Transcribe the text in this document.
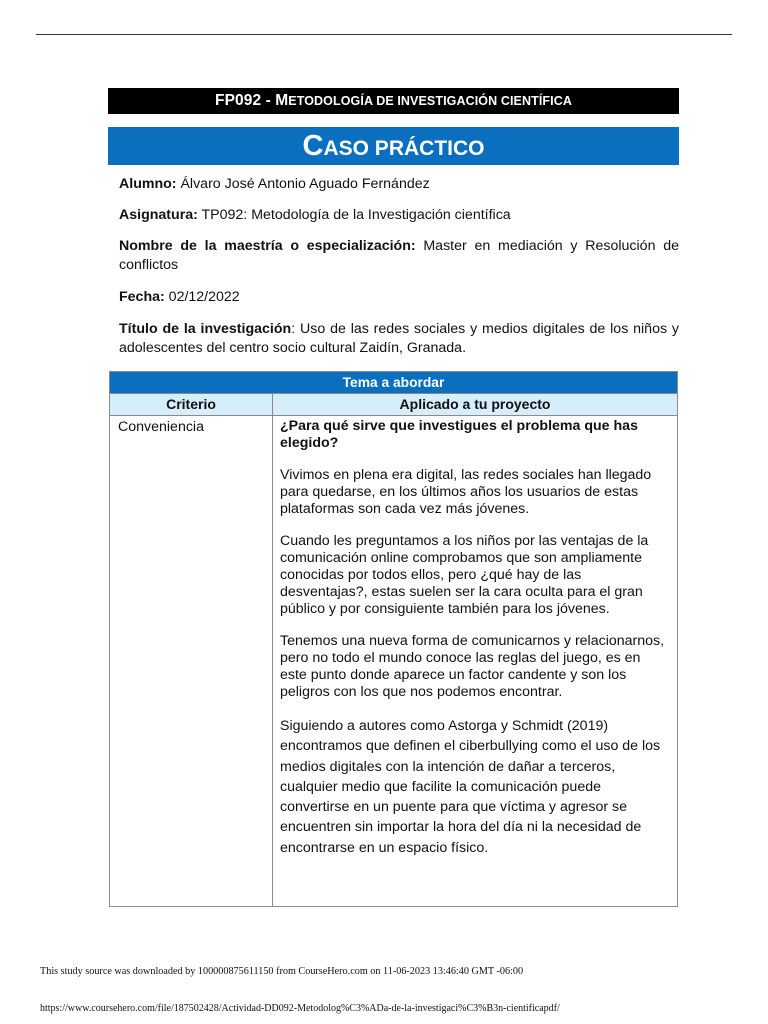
FP092 - METODOLOGÍA DE INVESTIGACIÓN CIENTÍFICA
CASO PRÁCTICO
Alumno: Álvaro José Antonio Aguado Fernández
Asignatura: TP092: Metodología de la Investigación científica
Nombre de la maestría o especialización: Master en mediación y Resolución de conflictos
Fecha: 02/12/2022
Título de la investigación: Uso de las redes sociales y medios digitales de los niños y adolescentes del centro socio cultural Zaidín, Granada.
Tema a abordar	
Criterio	Aplicado a tu proyecto
Conveniencia	¿Para qué sirve que investigues el problema que has elegido?

Vivimos en plena era digital, las redes sociales han llegado para quedarse, en los últimos años los usuarios de estas plataformas son cada vez más jóvenes.

Cuando les preguntamos a los niños por las ventajas de la comunicación online comprobamos que son ampliamente conocidas por todos ellos, pero ¿qué hay de las desventajas?, estas suelen ser la cara oculta para el gran público y por consiguiente también para los jóvenes.

Tenemos una nueva forma de comunicarnos y relacionarnos, pero no todo el mundo conoce las reglas del juego, es en este punto donde aparece un factor candente y son los peligros con los que nos podemos encontrar.

Siguiendo a autores como Astorga y Schmidt (2019) encontramos que definen el ciberbullying como el uso de los medios digitales con la intención de dañar a terceros, cualquier medio que facilite la comunicación puede convertirse en un puente para que víctima y agresor se encuentren sin importar la hora del día ni la necesidad de encontrarse en un espacio físico.

This study source was downloaded by 100000875611150 from CourseHero.com on 11-06-2023 13:46:40 GMT -06:00
https://www.coursehero.com/file/187502428/Actividad-DD092-Metodolog%C3%ADa-de-la-investigaci%C3%B3n-cientificapdf/
